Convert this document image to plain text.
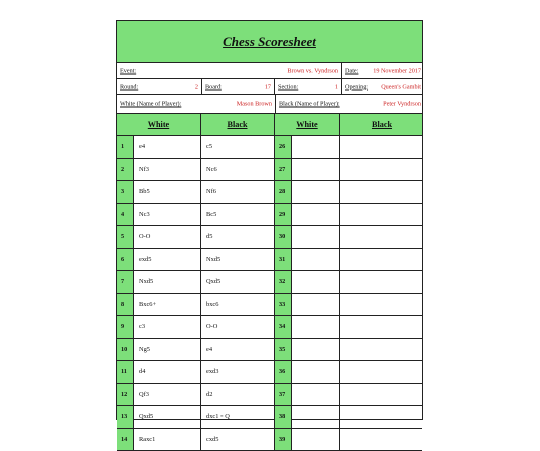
Chess Scoresheet
Event:	Brown vs. Vyndrson Date: 19 November 2017
Round:	2 Board:	17 Section:	1 Opening: Queen's Gambit
White (Name of Player):	Mason Brown Black (Name of Player):	Peter Vyndrson
White	Black	White	Black
1	e4	c5	26
2	Nf3	Nc6	27
3	Bb5	Nf6	28
4	Nc3	Bc5	29
5	O-O	d5	30
6	exd5	Nxd5	31
7	Nxd5	Qxd5	32
8	Bxc6+	bxc6	33
9	c3	O-O	34
10	Ng5	e4	35
11	d4	exd3	36
12	Qf3	d2	37
13	Qxd5	dxc1 = Q	38
14	Raxc1	cxd5	39
